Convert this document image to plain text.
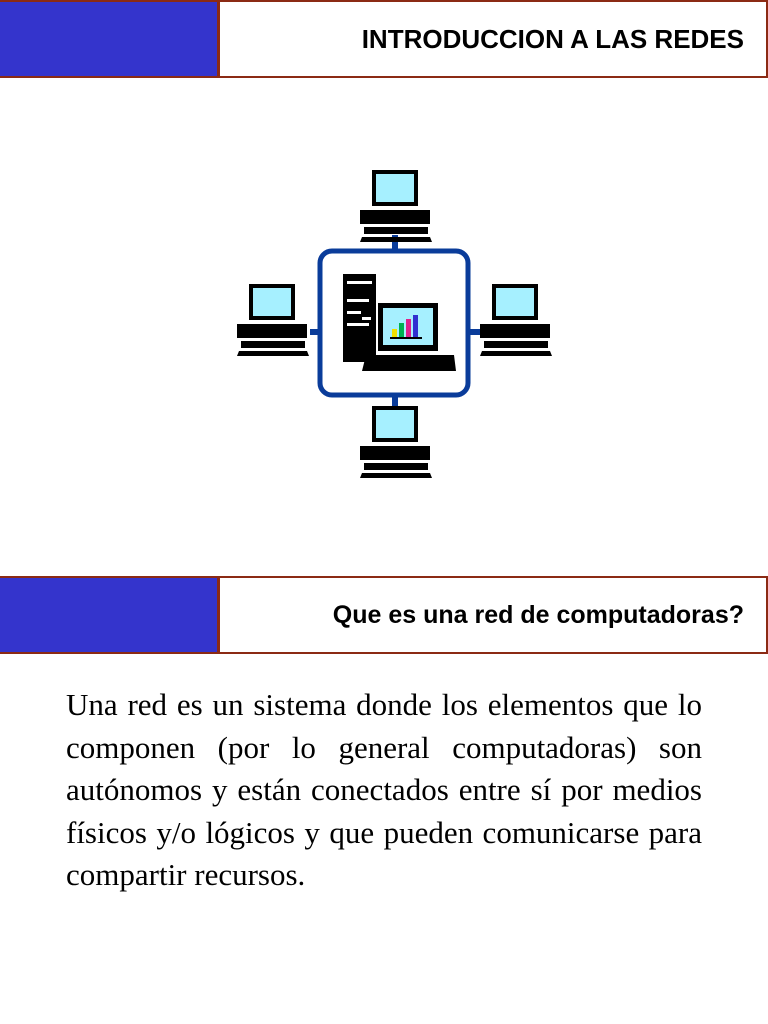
INTRODUCCION A LAS REDES
Que es una red de computadoras?

Una red es un sistema donde los elementos que lo componen (por lo general computadoras) son autónomos y están conectados entre sí por medios físicos y/o lógicos y que pueden comunicarse para compartir recursos.
